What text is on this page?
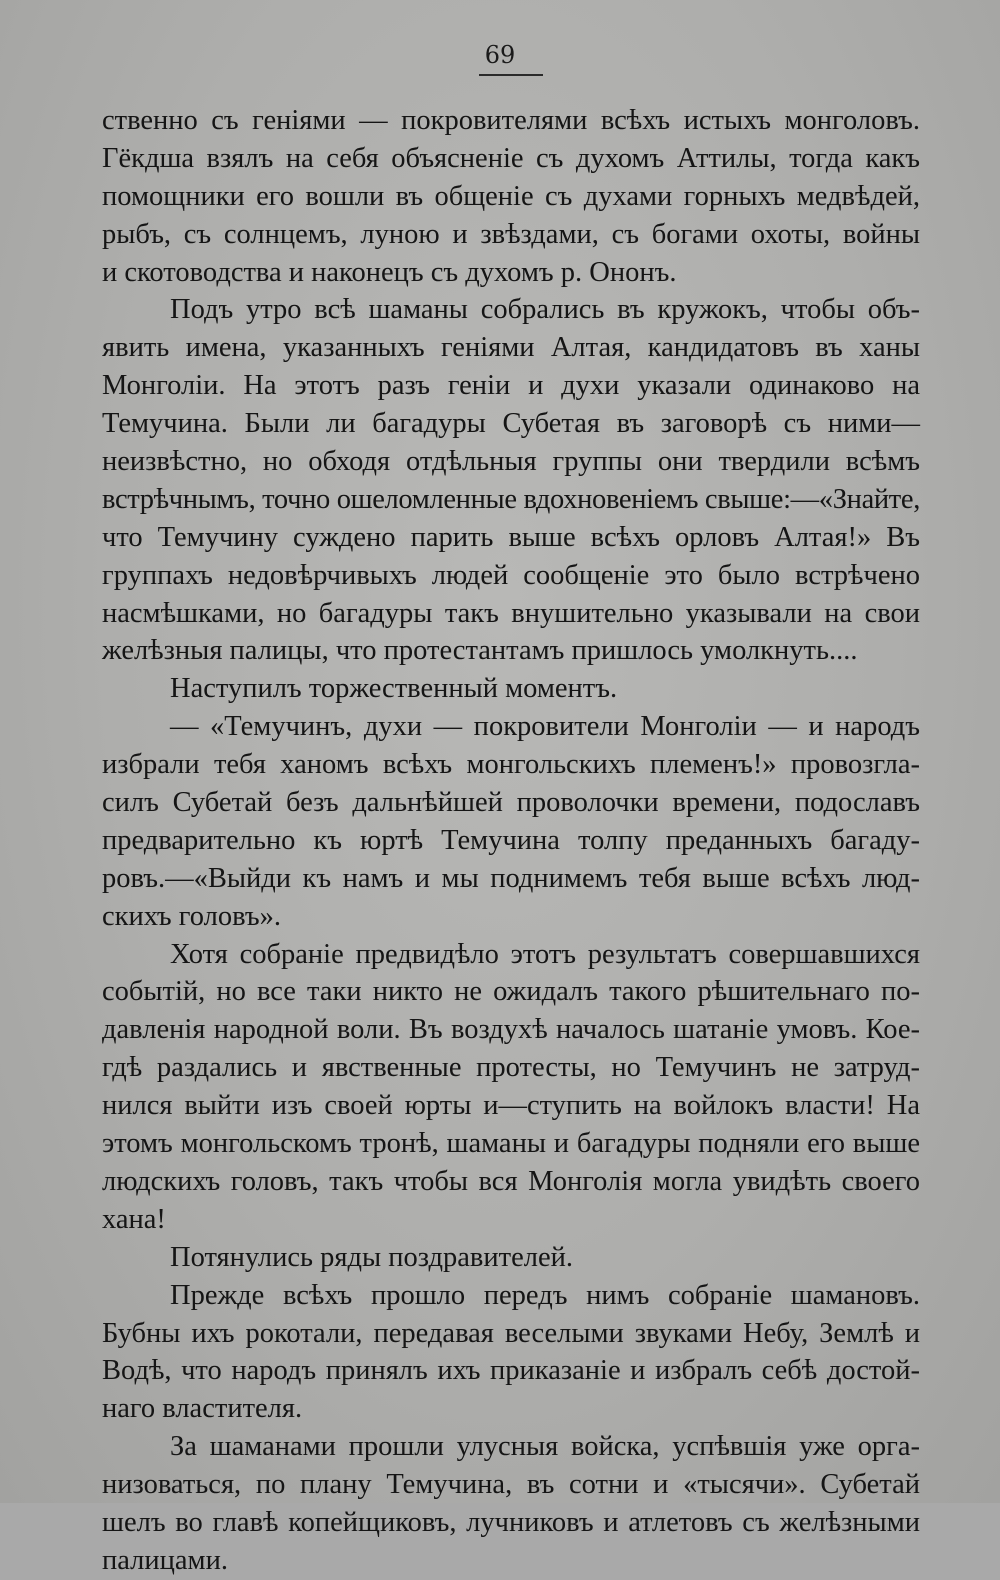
69
ственно съ геніями — покровителями всѣхъ истыхъ монголовъ.
Гёкдша взялъ на себя объясненіе съ духомъ Аттилы, тогда какъ
помощники его вошли въ общеніе съ духами горныхъ медвѣдей,
рыбъ, съ солнцемъ, луною и звѣздами, съ богами охоты, войны
и скотоводства и наконецъ съ духомъ р. Ононъ.
Подъ утро всѣ шаманы собрались въ кружокъ, чтобы объ-
явить имена, указанныхъ геніями Алтая, кандидатовъ въ ханы
Монголіи. На этотъ разъ геніи и духи указали одинаково на
Темучина. Были ли багадуры Субетая въ заговорѣ съ ними—
неизвѣстно, но обходя отдѣльныя группы они твердили всѣмъ
встрѣчнымъ, точно ошеломленные вдохновеніемъ свыше:—«Знайте,
что Темучину суждено парить выше всѣхъ орловъ Алтая!» Въ
группахъ недовѣрчивыхъ людей сообщеніе это было встрѣчено
насмѣшками, но багадуры такъ внушительно указывали на свои
желѣзныя палицы, что протестантамъ пришлось умолкнуть....
Наступилъ торжественный моментъ.
— «Темучинъ, духи — покровители Монголіи — и народъ
избрали тебя ханомъ всѣхъ монгольскихъ племенъ!» провозгла-
силъ Субетай безъ дальнѣйшей проволочки времени, подославъ
предварительно къ юртѣ Темучина толпу преданныхъ багаду-
ровъ.—«Выйди къ намъ и мы поднимемъ тебя выше всѣхъ люд-
скихъ головъ».
Хотя собраніе предвидѣло этотъ результатъ совершавшихся
событій, но все таки никто не ожидалъ такого рѣшительнаго по-
давленія народной воли. Въ воздухѣ началось шатаніе умовъ. Кое-
гдѣ раздались и явственные протесты, но Темучинъ не затруд-
нился выйти изъ своей юрты и—ступить на войлокъ власти! На
этомъ монгольскомъ тронѣ, шаманы и багадуры подняли его выше
людскихъ головъ, такъ чтобы вся Монголія могла увидѣть своего
хана!
Потянулись ряды поздравителей.
Прежде всѣхъ прошло передъ нимъ собраніе шамановъ.
Бубны ихъ рокотали, передавая веселыми звуками Небу, Землѣ и
Водѣ, что народъ принялъ ихъ приказаніе и избралъ себѣ достой-
наго властителя.
За шаманами прошли улусныя войска, успѣвшія уже орга-
низоваться, по плану Темучина, въ сотни и «тысячи». Субетай
шелъ во главѣ копейщиковъ, лучниковъ и атлетовъ съ желѣзными
палицами.
